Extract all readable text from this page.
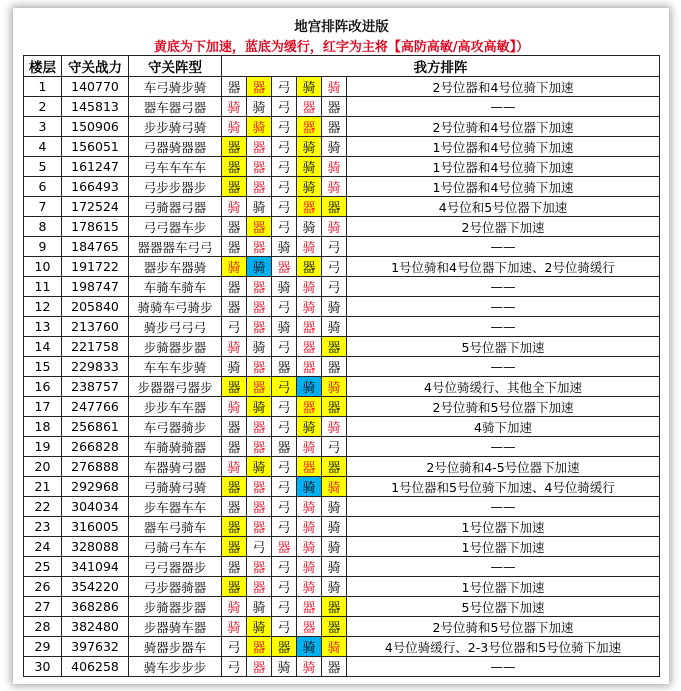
地宫排阵改进版								
黄底为下加速，蓝底为缓行，红字为主将【高防高敏/高攻高敏】）								
楼层	守关战力	守关阵型	我方排阵					
1	140770	车弓骑步骑	器	器	弓	骑	骑	2号位器和4号位骑下加速
2	145813	器车器弓器	骑	骑	弓	器	器	——
3	150906	步步骑弓骑	骑	骑	弓	器	器	2号位骑和4号位器下加速
4	156051	弓器骑器器	器	器	弓	骑	骑	1号位器和4号位骑下加速
5	161247	弓车车车车	器	器	弓	骑	骑	1号位器和4号位骑下加速
6	166493	弓步步器步	器	器	弓	骑	骑	1号位器和4号位骑下加速
7	172524	弓骑器弓器	骑	骑	弓	器	器	4号位和5号位器下加速
8	178615	弓弓器车步	器	器	弓	骑	骑	2号位器下加速
9	184765	器器器车弓弓	器	器	骑	骑	弓	——
10	191722	器步车器骑	骑	骑	器	器	弓	1号位骑和4号位器下加速、2号位骑缓行
11	198747	车骑车骑车	器	器	骑	骑	弓	——
12	205840	骑骑车弓骑步	器	器	弓	骑	骑	——
13	213760	骑步弓弓弓	弓	器	骑	器	骑	——
14	221758	步骑器步器	骑	骑	弓	器	器	5号位器下加速
15	229833	车车车步骑	骑	器	器	器	器	——
16	238757	步器器弓器步	器	器	弓	骑	骑	4号位骑缓行、其他全下加速
17	247766	步步车车器	骑	骑	弓	器	器	2号位骑和5号位器下加速
18	256861	车弓器骑步	器	器	弓	骑	骑	4骑下加速
19	266828	车骑骑骑器	器	器	器	骑	弓	——
20	276888	车器骑弓器	骑	骑	弓	器	器	2号位骑和4-5号位器下加速
21	292968	弓骑骑弓骑	器	器	弓	骑	骑	1号位器和5号位骑下加速、4号位骑缓行
22	304034	步车器车车	器	器	弓	骑	骑	——
23	316005	器车弓骑车	器	器	弓	骑	骑	1号位器下加速
24	328088	弓骑弓车车	器	弓	器	骑	骑	1号位器下加速
25	341094	弓弓器器步	器	器	弓	骑	骑	——
26	354220	弓步器骑器	器	器	弓	骑	骑	1号位器下加速
27	368286	步骑器步器	骑	骑	弓	器	器	5号位器下加速
28	382480	步器骑车器	骑	骑	弓	器	器	2号位骑和5号位器下加速
29	397632	骑器步器车	弓	器	器	骑	骑	4号位骑缓行、2-3号位器和5号位骑下加速
30	406258	骑车步步步	弓	器	骑	骑	器	——
